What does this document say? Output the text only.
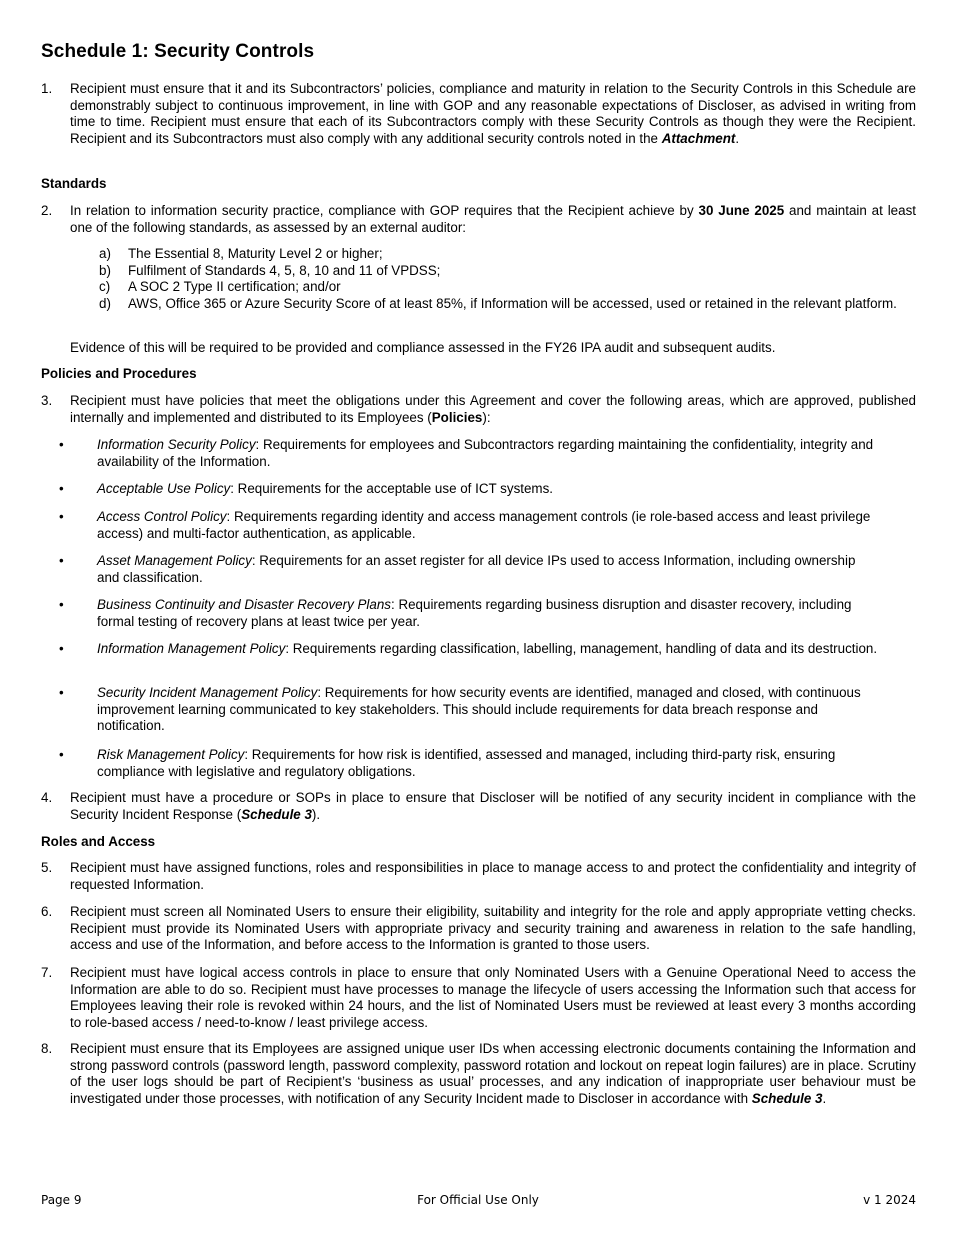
Schedule 1: Security Controls
1. Recipient must ensure that it and its Subcontractors’ policies, compliance and maturity in relation to the Security Controls in this Schedule are demonstrably subject to continuous improvement, in line with GOP and any reasonable expectations of Discloser, as advised in writing from time to time. Recipient must ensure that each of its Subcontractors comply with these Security Controls as though they were the Recipient. Recipient and its Subcontractors must also comply with any additional security controls noted in the Attachment.
Standards
2. In relation to information security practice, compliance with GOP requires that the Recipient achieve by 30 June 2025 and maintain at least one of the following standards, as assessed by an external auditor:
a) The Essential 8, Maturity Level 2 or higher;
b) Fulfilment of Standards 4, 5, 8, 10 and 11 of VPDSS;
c) A SOC 2 Type II certification; and/or
d) AWS, Office 365 or Azure Security Score of at least 85%, if Information will be accessed, used or retained in the relevant platform.
Evidence of this will be required to be provided and compliance assessed in the FY26 IPA audit and subsequent audits.
Policies and Procedures
3. Recipient must have policies that meet the obligations under this Agreement and cover the following areas, which are approved, published internally and implemented and distributed to its Employees (Policies):
• Information Security Policy: Requirements for employees and Subcontractors regarding maintaining the confidentiality, integrity and availability of the Information.
• Acceptable Use Policy: Requirements for the acceptable use of ICT systems.
• Access Control Policy: Requirements regarding identity and access management controls (ie role-based access and least privilege access) and multi-factor authentication, as applicable.
• Asset Management Policy: Requirements for an asset register for all device IPs used to access Information, including ownership and classification.
• Business Continuity and Disaster Recovery Plans: Requirements regarding business disruption and disaster recovery, including formal testing of recovery plans at least twice per year.
• Information Management Policy: Requirements regarding classification, labelling, management, handling of data and its destruction.
• Security Incident Management Policy: Requirements for how security events are identified, managed and closed, with continuous improvement learning communicated to key stakeholders. This should include requirements for data breach response and notification.
• Risk Management Policy: Requirements for how risk is identified, assessed and managed, including third-party risk, ensuring compliance with legislative and regulatory obligations.
4. Recipient must have a procedure or SOPs in place to ensure that Discloser will be notified of any security incident in compliance with the Security Incident Response (Schedule 3).
Roles and Access
5. Recipient must have assigned functions, roles and responsibilities in place to manage access to and protect the confidentiality and integrity of requested Information.
6. Recipient must screen all Nominated Users to ensure their eligibility, suitability and integrity for the role and apply appropriate vetting checks. Recipient must provide its Nominated Users with appropriate privacy and security training and awareness in relation to the safe handling, access and use of the Information, and before access to the Information is granted to those users.
7. Recipient must have logical access controls in place to ensure that only Nominated Users with a Genuine Operational Need to access the Information are able to do so. Recipient must have processes to manage the lifecycle of users accessing the Information such that access for Employees leaving their role is revoked within 24 hours, and the list of Nominated Users must be reviewed at least every 3 months according to role-based access / need-to-know / least privilege access.
8. Recipient must ensure that its Employees are assigned unique user IDs when accessing electronic documents containing the Information and strong password controls (password length, password complexity, password rotation and lockout on repeat login failures) are in place. Scrutiny of the user logs should be part of Recipient’s ‘business as usual’ processes, and any indication of inappropriate user behaviour must be investigated under those processes, with notification of any Security Incident made to Discloser in accordance with Schedule 3.
Page 9	For Official Use Only	v 1 2024
